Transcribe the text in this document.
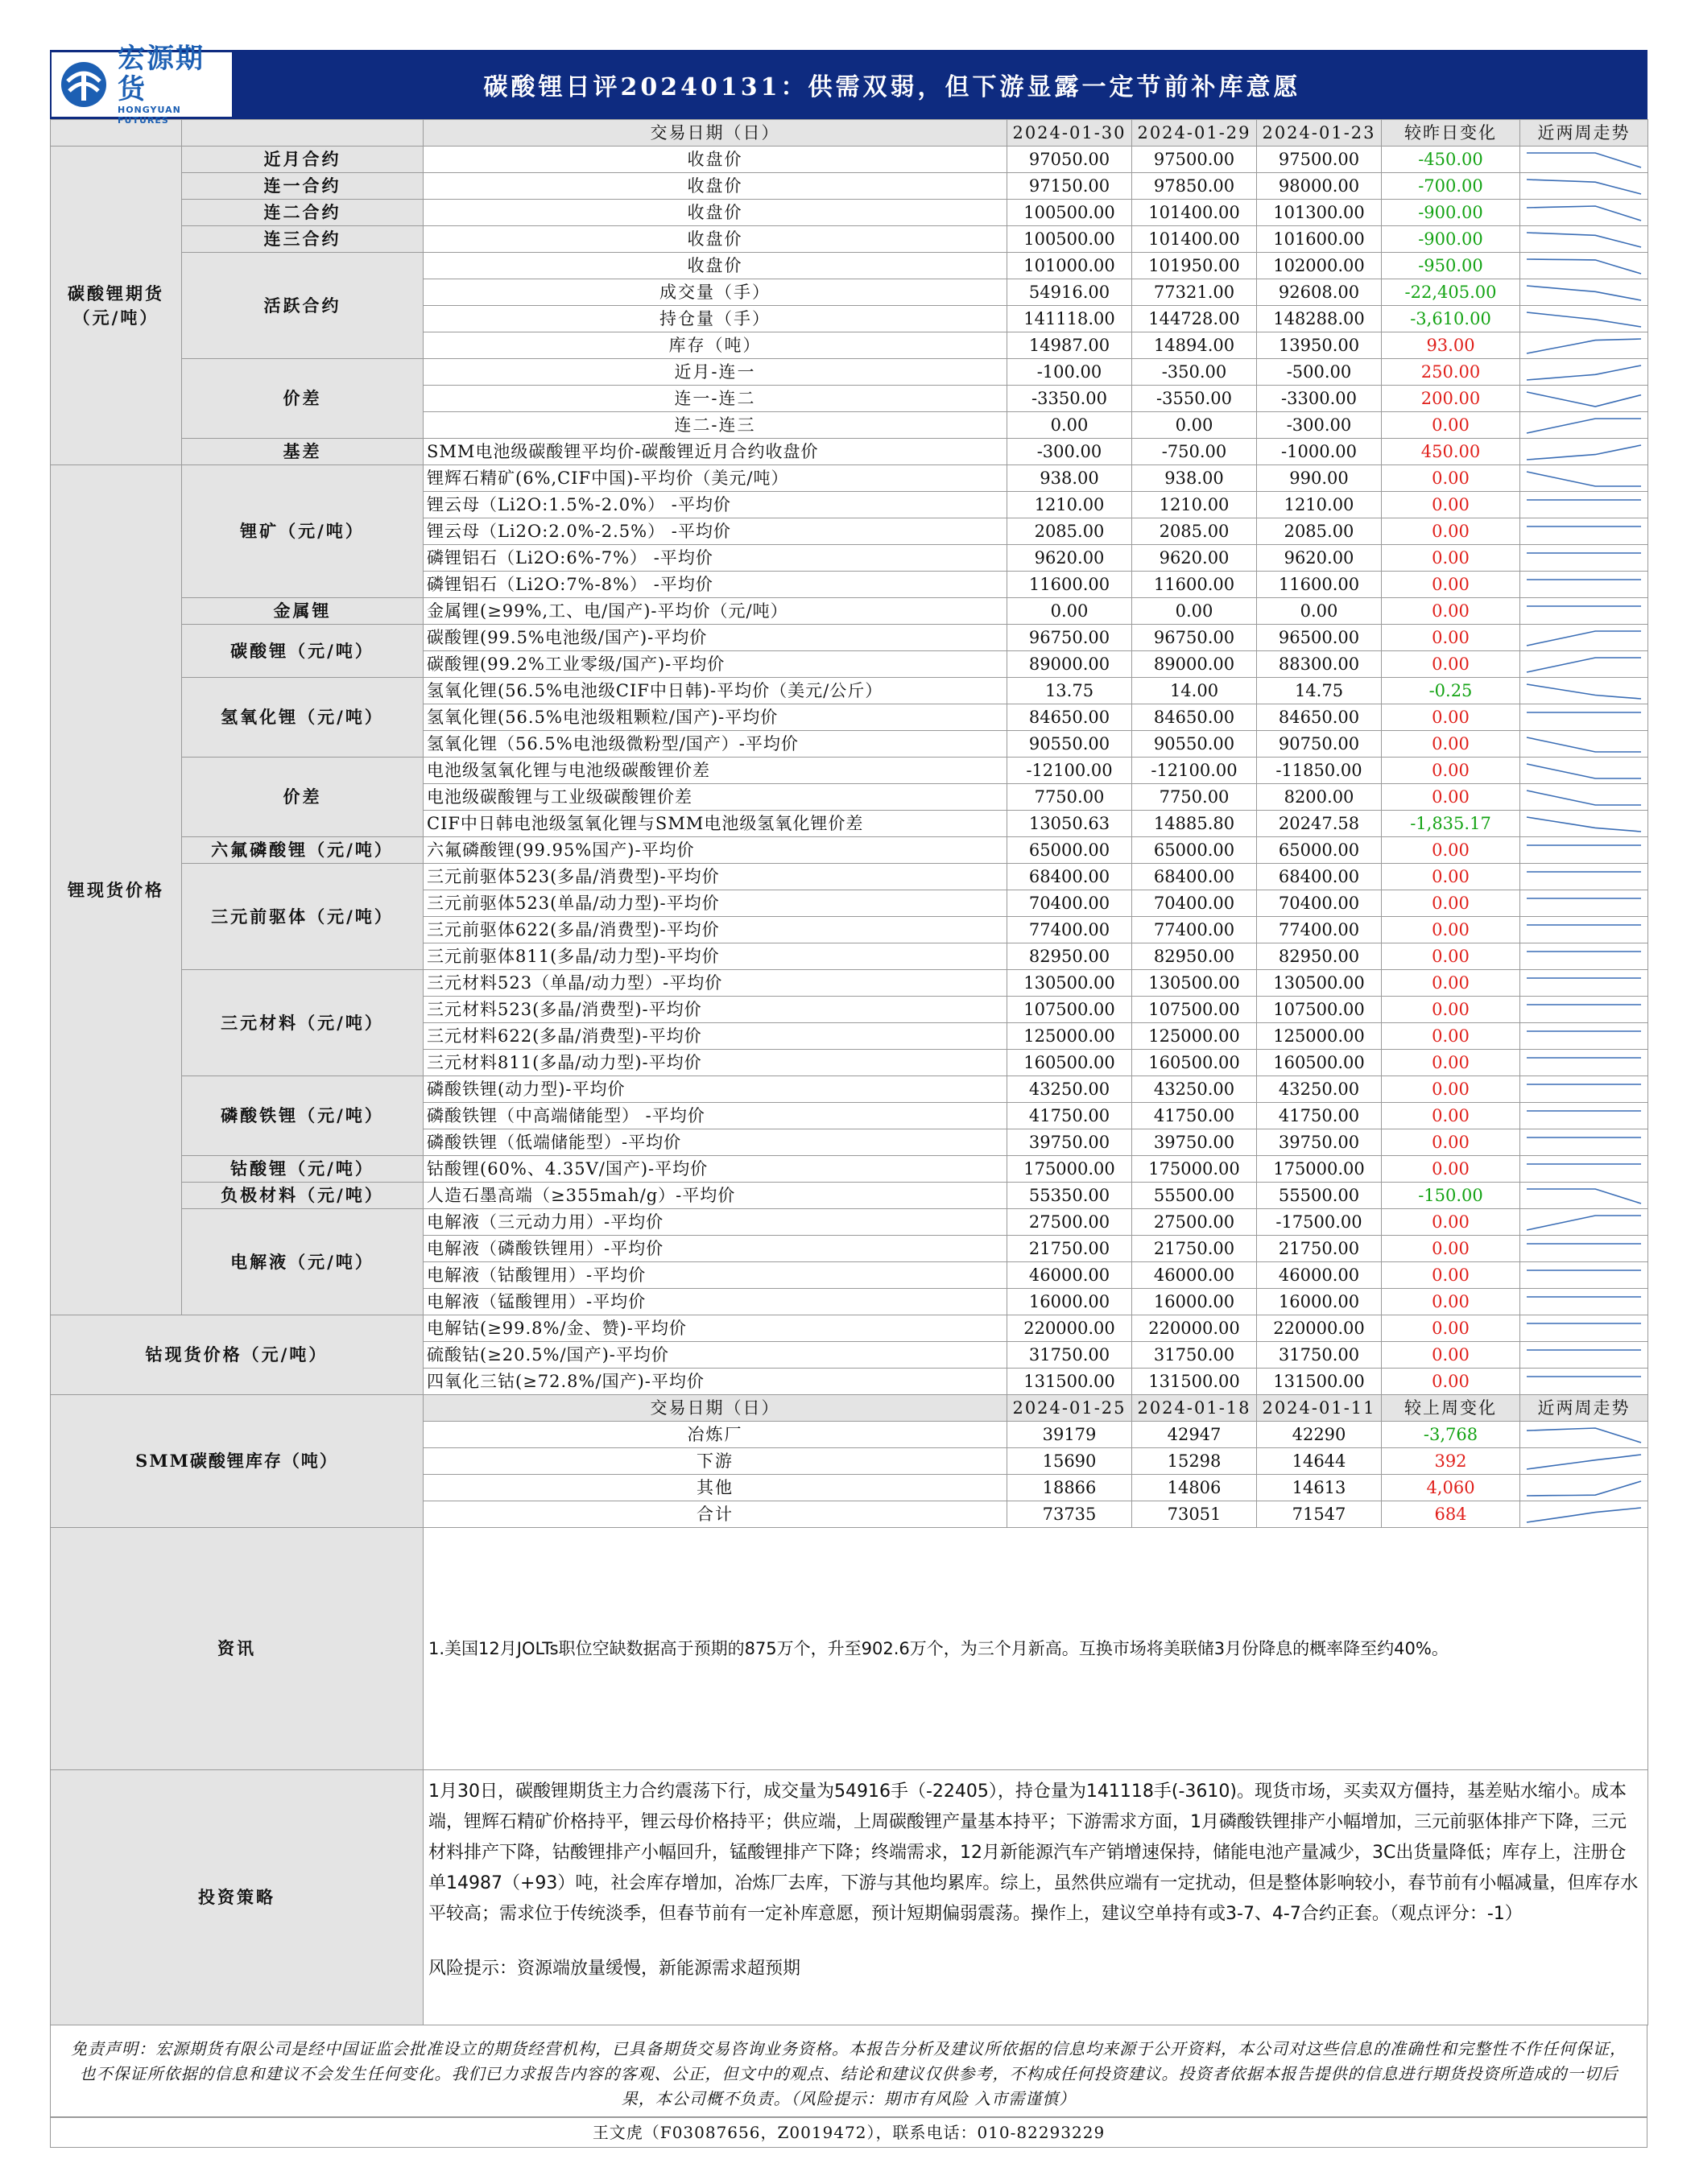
宏源期货
HONGYUAN FUTURES
碳酸锂日评20240131：供需双弱，但下游显露一定节前补库意愿
		交易日期（日）	2024-01-30	2024-01-29	2024-01-23	较昨日变化	近两周走势
碳酸锂期货（元/吨）	近月合约	收盘价	97050.00	97500.00	97500.00	-450.00	

	连一合约	收盘价	97150.00	97850.00	98000.00	-700.00	

	连二合约	收盘价	100500.00	101400.00	101300.00	-900.00	

	连三合约	收盘价	100500.00	101400.00	101600.00	-900.00	

	活跃合约	收盘价	101000.00	101950.00	102000.00	-950.00	

		成交量（手）	54916.00	77321.00	92608.00	-22,405.00	

		持仓量（手）	141118.00	144728.00	148288.00	-3,610.00	

		库存（吨）	14987.00	14894.00	13950.00	93.00	

	价差	近月-连一	-100.00	-350.00	-500.00	250.00	

		连一-连二	-3350.00	-3550.00	-3300.00	200.00	

		连二-连三	0.00	0.00	-300.00	0.00	

	基差	SMM电池级碳酸锂平均价-碳酸锂近月合约收盘价	-300.00	-750.00	-1000.00	450.00	

锂现货价格	锂矿（元/吨）	锂辉石精矿(6%,CIF中国)-平均价（美元/吨）	938.00	938.00	990.00	0.00	

		锂云母（Li2O:1.5%-2.0%） -平均价	1210.00	1210.00	1210.00	0.00	

		锂云母（Li2O:2.0%-2.5%） -平均价	2085.00	2085.00	2085.00	0.00	

		磷锂铝石（Li2O:6%-7%） -平均价	9620.00	9620.00	9620.00	0.00	

		磷锂铝石（Li2O:7%-8%） -平均价	11600.00	11600.00	11600.00	0.00	

	金属锂	金属锂(≥99%,工、电/国产)-平均价（元/吨）	0.00	0.00	0.00	0.00	

	碳酸锂（元/吨）	碳酸锂(99.5%电池级/国产)-平均价	96750.00	96750.00	96500.00	0.00	

		碳酸锂(99.2%工业零级/国产)-平均价	89000.00	89000.00	88300.00	0.00	

	氢氧化锂（元/吨）	氢氧化锂(56.5%电池级CIF中日韩)-平均价（美元/公斤）	13.75	14.00	14.75	-0.25	

		氢氧化锂(56.5%电池级粗颗粒/国产)-平均价	84650.00	84650.00	84650.00	0.00	

		氢氧化锂（56.5%电池级微粉型/国产）-平均价	90550.00	90550.00	90750.00	0.00	

	价差	电池级氢氧化锂与电池级碳酸锂价差	-12100.00	-12100.00	-11850.00	0.00	

		电池级碳酸锂与工业级碳酸锂价差	7750.00	7750.00	8200.00	0.00	

		CIF中日韩电池级氢氧化锂与SMM电池级氢氧化锂价差	13050.63	14885.80	20247.58	-1,835.17	

	六氟磷酸锂（元/吨）	六氟磷酸锂(99.95%国产)-平均价	65000.00	65000.00	65000.00	0.00	

	三元前驱体（元/吨）	三元前驱体523(多晶/消费型)-平均价	68400.00	68400.00	68400.00	0.00	

		三元前驱体523(单晶/动力型)-平均价	70400.00	70400.00	70400.00	0.00	

		三元前驱体622(多晶/消费型)-平均价	77400.00	77400.00	77400.00	0.00	

		三元前驱体811(多晶/动力型)-平均价	82950.00	82950.00	82950.00	0.00	

	三元材料（元/吨）	三元材料523（单晶/动力型）-平均价	130500.00	130500.00	130500.00	0.00	

		三元材料523(多晶/消费型)-平均价	107500.00	107500.00	107500.00	0.00	

		三元材料622(多晶/消费型)-平均价	125000.00	125000.00	125000.00	0.00	

		三元材料811(多晶/动力型)-平均价	160500.00	160500.00	160500.00	0.00	

	磷酸铁锂（元/吨）	磷酸铁锂(动力型)-平均价	43250.00	43250.00	43250.00	0.00	

		磷酸铁锂（中高端储能型） -平均价	41750.00	41750.00	41750.00	0.00	

		磷酸铁锂（低端储能型）-平均价	39750.00	39750.00	39750.00	0.00	

	钴酸锂（元/吨）	钴酸锂(60%、4.35V/国产)-平均价	175000.00	175000.00	175000.00	0.00	

	负极材料（元/吨）	人造石墨高端（≥355mah/g）-平均价	55350.00	55500.00	55500.00	-150.00	

	电解液（元/吨）	电解液（三元动力用）-平均价	27500.00	27500.00	-17500.00	0.00	

		电解液（磷酸铁锂用）-平均价	21750.00	21750.00	21750.00	0.00	

		电解液（钴酸锂用）-平均价	46000.00	46000.00	46000.00	0.00	

		电解液（锰酸锂用）-平均价	16000.00	16000.00	16000.00	0.00	

钴现货价格（元/吨）		电解钴(≥99.8%/金、赞)-平均价	220000.00	220000.00	220000.00	0.00	

		硫酸钴(≥20.5%/国产)-平均价	31750.00	31750.00	31750.00	0.00	

		四氧化三钴(≥72.8%/国产)-平均价	131500.00	131500.00	131500.00	0.00	

SMM碳酸锂库存（吨）		交易日期（日）	2024-01-25	2024-01-18	2024-01-11	较上周变化	近两周走势
		冶炼厂	39179	42947	42290	-3,768	

		下游	15690	15298	14644	392	

		其他	18866	14806	14613	4,060	

		合计	73735	73051	71547	684	

资讯		1.美国12月JOLTs职位空缺数据高于预期的875万个，升至902.6万个，为三个月新高。互换市场将美联储3月份降息的概率降至约40%。					
投资策略		1月30日，碳酸锂期货主力合约震荡下行，成交量为54916手（-22405），持仓量为141118手(-3610)。现货市场，买卖双方僵持，基差贴水缩小。成本端，锂辉石精矿价格持平，锂云母价格持平；供应端，上周碳酸锂产量基本持平；下游需求方面，1月磷酸铁锂排产小幅增加，三元前驱体排产下降，三元材料排产下降，钴酸锂排产小幅回升，锰酸锂排产下降；终端需求，12月新能源汽车产销增速保持，储能电池产量减少，3C出货量降低；库存上，注册仓单14987（+93）吨，社会库存增加，冶炼厂去库，下游与其他均累库。综上，虽然供应端有一定扰动，但是整体影响较小，春节前有小幅减量，但库存水平较高；需求位于传统淡季，但春节前有一定补库意愿，预计短期偏弱震荡。操作上，建议空单持有或3-7、4-7合约正套。（观点评分：-1）
风险提示：资源端放量缓慢，新能源需求超预期					
免责声明：宏源期货有限公司是经中国证监会批准设立的期货经营机构，已具备期货交易咨询业务资格。本报告分析及建议所依据的信息均来源于公开资料，本公司对这些信息的准确性和完整性不作任何保证，也不保证所依据的信息和建议不会发生任何变化。我们已力求报告内容的客观、公正，但文中的观点、结论和建议仅供参考，不构成任何投资建议。投资者依据本报告提供的信息进行期货投资所造成的一切后果，本公司概不负责。（风险提示：期市有风险 入市需谨慎）
王文虎（F03087656，Z0019472），联系电话：010-82293229
